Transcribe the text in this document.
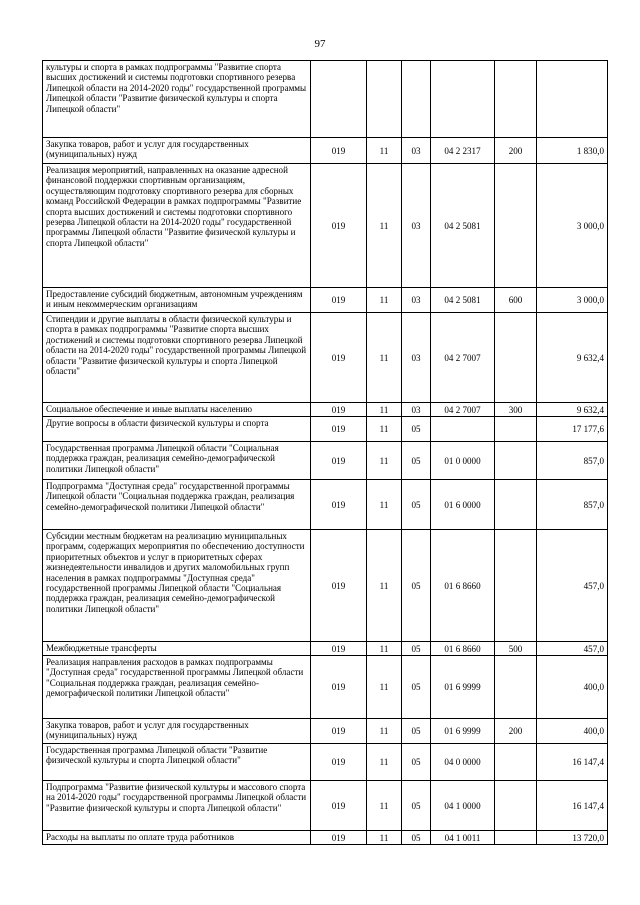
97
культуры и спорта в рамках подпрограммы "Развитие спорта высших достижений и системы подготовки спортивного резерва Липецкой области на 2014-2020 годы" государственной программы Липецкой области "Развитие физической культуры и спорта Липецкой области"						
Закупка товаров, работ и услуг для государственных (муниципальных) нужд	019	11	03	04 2 2317	200	1 830,0
Реализация мероприятий, направленных на оказание адресной финансовой поддержки спортивным организациям, осуществляющим подготовку спортивного резерва для сборных команд Российской Федерации в рамках подпрограммы "Развитие спорта высших достижений и системы подготовки спортивного резерва Липецкой области на 2014-2020 годы" государственной программы Липецкой области "Развитие физической культуры и спорта Липецкой области"	019	11	03	04 2 5081		3 000,0
Предоставление субсидий бюджетным, автономным учреждениям и иным некоммерческим организациям	019	11	03	04 2 5081	600	3 000,0
Стипендии и другие выплаты в области физической культуры и спорта в рамках подпрограммы "Развитие спорта высших достижений и системы подготовки спортивного резерва Липецкой области на 2014-2020 годы" государственной программы Липецкой области "Развитие физической культуры и спорта Липецкой области"	019	11	03	04 2 7007		9 632,4
Социальное обеспечение и иные выплаты населению	019	11	03	04 2 7007	300	9 632,4
Другие вопросы в области физической культуры и спорта	019	11	05			17 177,6
Государственная программа Липецкой области "Социальная поддержка граждан, реализация семейно-демографической политики Липецкой области"	019	11	05	01 0 0000		857,0
Подпрограмма "Доступная среда" государственной программы Липецкой области "Социальная поддержка граждан, реализация семейно-демографической политики Липецкой области"	019	11	05	01 6 0000		857,0
Субсидии местным бюджетам на реализацию муниципальных программ, содержащих мероприятия по обеспечению доступности приоритетных объектов и услуг в приоритетных сферах жизнедеятельности инвалидов и других маломобильных групп населения в рамках подпрограммы "Доступная среда" государственной программы Липецкой области "Социальная поддержка граждан, реализация семейно-демографической политики Липецкой области"	019	11	05	01 6 8660		457,0
Межбюджетные трансферты	019	11	05	01 6 8660	500	457,0
Реализация направления расходов в рамках подпрограммы "Доступная среда" государственной программы Липецкой области "Социальная поддержка граждан, реализация семейно-демографической политики Липецкой области"	019	11	05	01 6 9999		400,0
Закупка товаров, работ и услуг для государственных (муниципальных) нужд	019	11	05	01 6 9999	200	400,0
Государственная программа Липецкой области "Развитие физической культуры и спорта Липецкой области"	019	11	05	04 0 0000		16 147,4
Подпрограмма "Развитие физической культуры и массового спорта на 2014-2020 годы" государственной программы Липецкой области "Развитие физической культуры и спорта Липецкой области"	019	11	05	04 1 0000		16 147,4
Расходы на выплаты по оплате труда работников	019	11	05	04 1 0011		13 720,0
